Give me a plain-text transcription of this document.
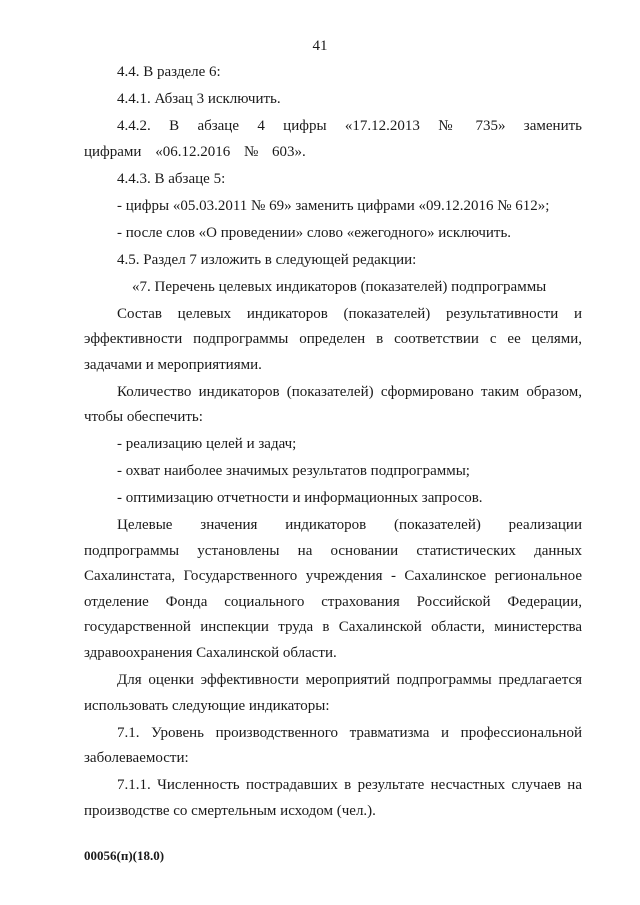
41

4.4. В разделе 6:

4.4.1. Абзац 3 исключить.

4.4.2. В абзаце 4 цифры «17.12.2013 № 735» заменить цифрами «06.12.2016 № 603».

4.4.3. В абзаце 5:

- цифры «05.03.2011 № 69» заменить цифрами «09.12.2016 № 612»;

- после слов «О проведении» слово «ежегодного» исключить.

4.5. Раздел 7 изложить в следующей редакции:

«7. Перечень целевых индикаторов (показателей) подпрограммы

Состав целевых индикаторов (показателей) результативности и эффективности подпрограммы определен в соответствии с ее целями, задачами и мероприятиями.

Количество индикаторов (показателей) сформировано таким образом, чтобы обеспечить:

- реализацию целей и задач;

- охват наиболее значимых результатов подпрограммы;

- оптимизацию отчетности и информационных запросов.

Целевые значения индикаторов (показателей) реализации подпрограммы установлены на основании статистических данных Сахалинстата, Государственного учреждения - Сахалинское региональное отделение Фонда социального страхования Российской Федерации, государственной инспекции труда в Сахалинской области, министерства здравоохранения Сахалинской области.

Для оценки эффективности мероприятий подпрограммы предлагается использовать следующие индикаторы:

7.1. Уровень производственного травматизма и профессиональной заболеваемости:

7.1.1. Численность пострадавших в результате несчастных случаев на производстве со смертельным исходом (чел.).

00056(п)(18.0)
